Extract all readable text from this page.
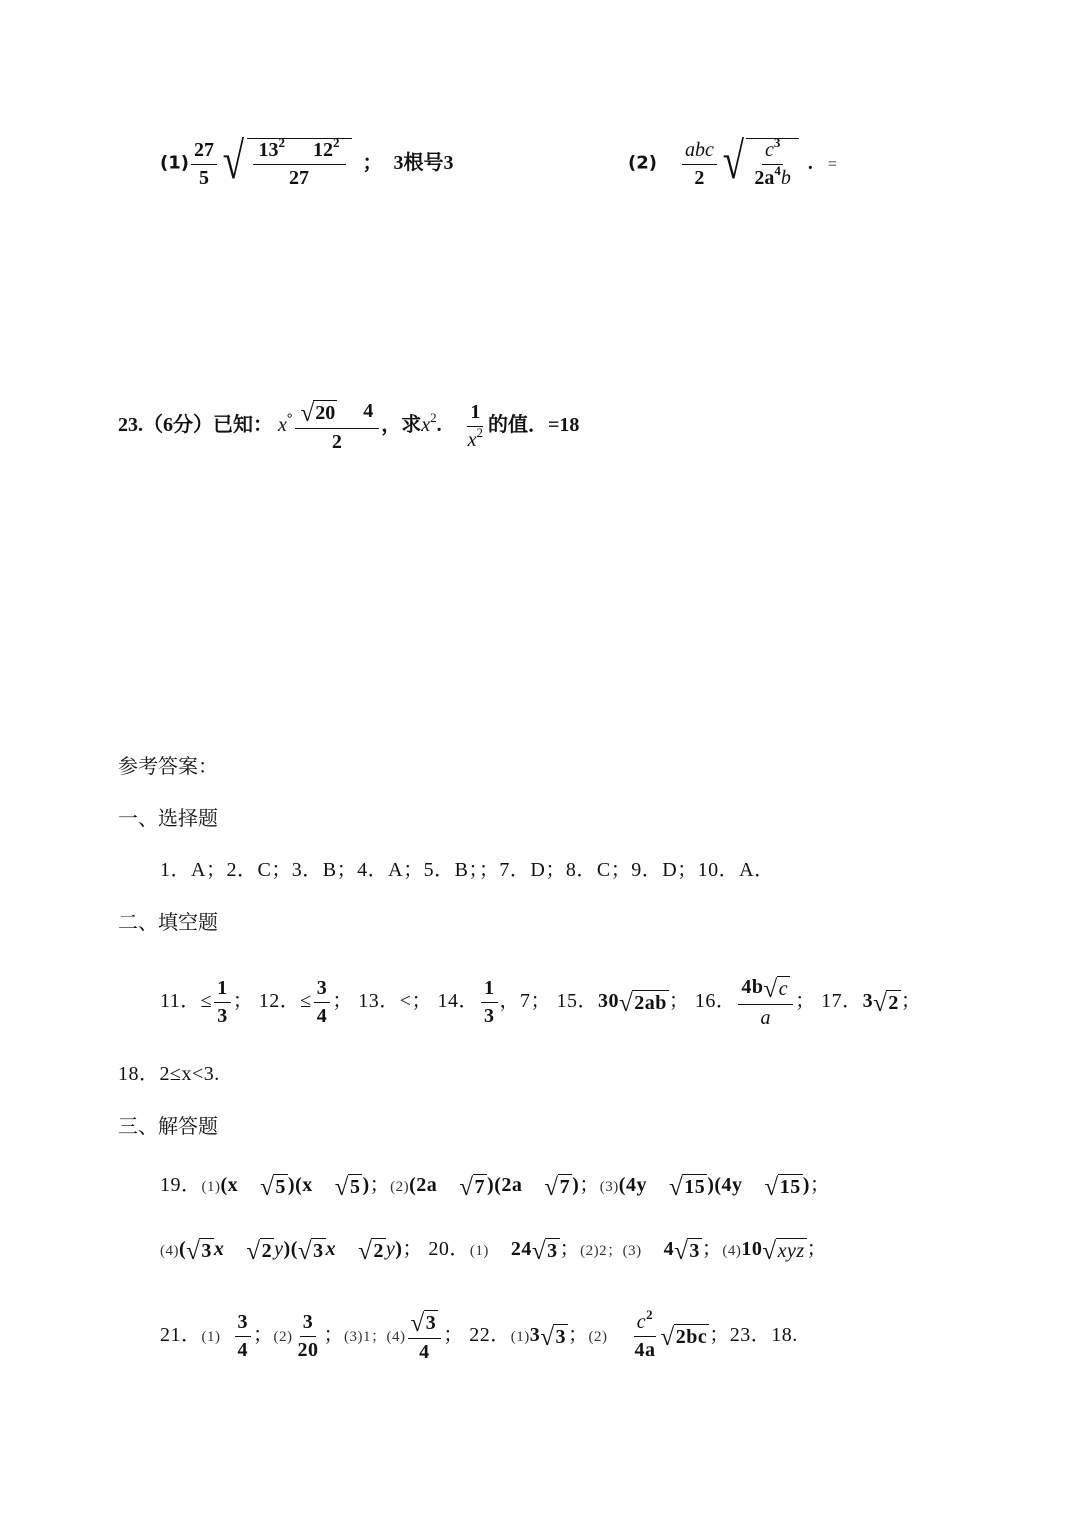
$(1) \frac{27}{5}$ √ $\frac{13^2 12^2}{27}$ ； 3根号3	$(2) \frac{\text{abc}}{2}$ √ $\frac{c^3}{2a^4b}$ . =
23.（6分）已知： $x^\circ \frac{√ 20 4}{2}$ ，求$x^2$. $\frac{1}{x^2}$ 的值．=18
参考答案：
一、选择题
1．A；2．C；3．B；4．A；5．B；；7．D；8．C；9．D；10．A．
二、填空题
11．≤ $\frac{1}{3}$ ； 12．≤ $\frac{3}{4}$ ； 13．<； 14． $\frac{1}{3}$ ，7； 15．30 √ 2ab ； 16． $\frac{4b √ c}{a}$ ； 17．3 √ 2 ；
18．2≤x<3.
三、解答题
19．(1)(x √ 5 )(x √ 5 )；(2)(2a √ 7 )(2a √ 7 )；(3)(4y √ 15 )(4y √ 15 )；
(4)( √ 3 x √ 2 y)( √ 3 x √ 2 y)； 20．(1) 24 √ 3 ；(2)2；(3) 4 √ 3 ；(4)10 √ xyz ；
21．$(1) \frac{3}{4}$ ；$(2) \frac{3}{20}$ ；(3)1；$(4) \frac{√ 3}{4}$ ； 22．(1)3 √ 3 ；$(2) \frac{c^2}{4a}$ √ 2bc ；23．18.
